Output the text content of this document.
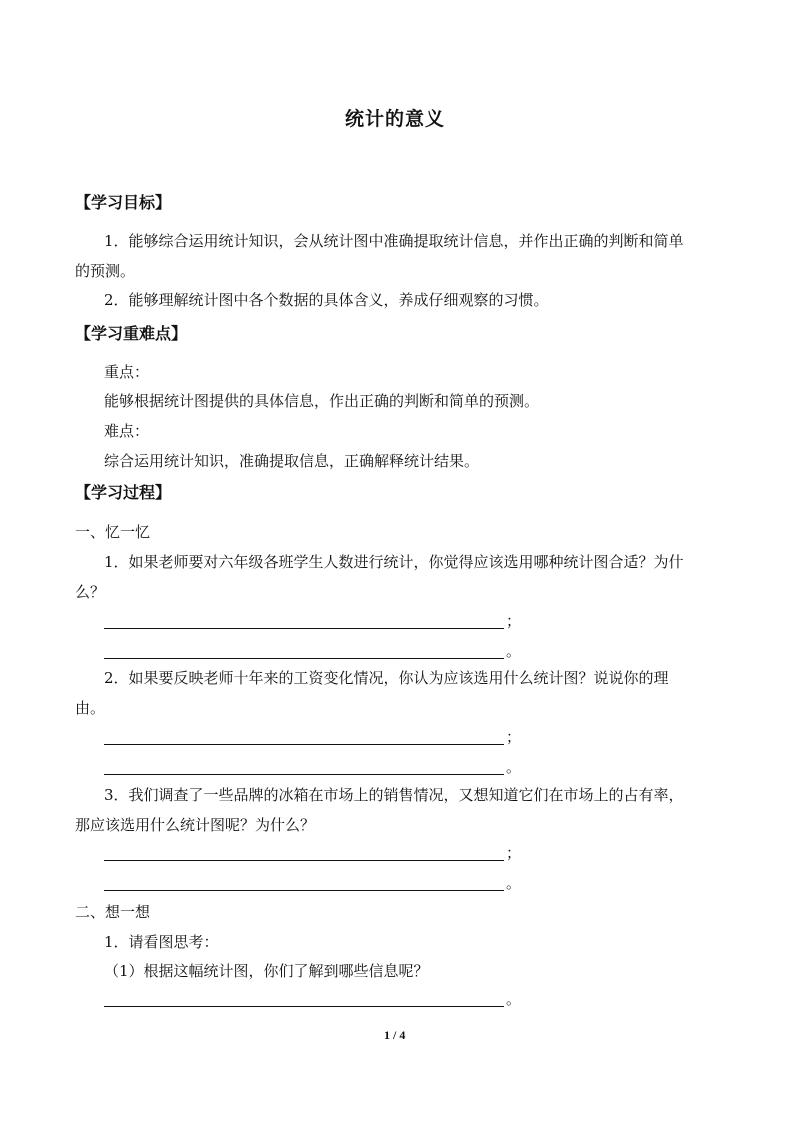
统计的意义
【学习目标】
1．能够综合运用统计知识，会从统计图中准确提取统计信息，并作出正确的判断和简单
的预测。
2．能够理解统计图中各个数据的具体含义，养成仔细观察的习惯。
【学习重难点】
重点：
能够根据统计图提供的具体信息，作出正确的判断和简单的预测。
难点：
综合运用统计知识，准确提取信息，正确解释统计结果。
【学习过程】
一、忆一忆
1．如果老师要对六年级各班学生人数进行统计，你觉得应该选用哪种统计图合适？为什
么？
；
。
2．如果要反映老师十年来的工资变化情况，你认为应该选用什么统计图？说说你的理
由。
；
。
3．我们调查了一些品牌的冰箱在市场上的销售情况，又想知道它们在市场上的占有率，
那应该选用什么统计图呢？为什么？
；
。
二、想一想
1．请看图思考：
（1）根据这幅统计图，你们了解到哪些信息呢？
。
1 / 4
